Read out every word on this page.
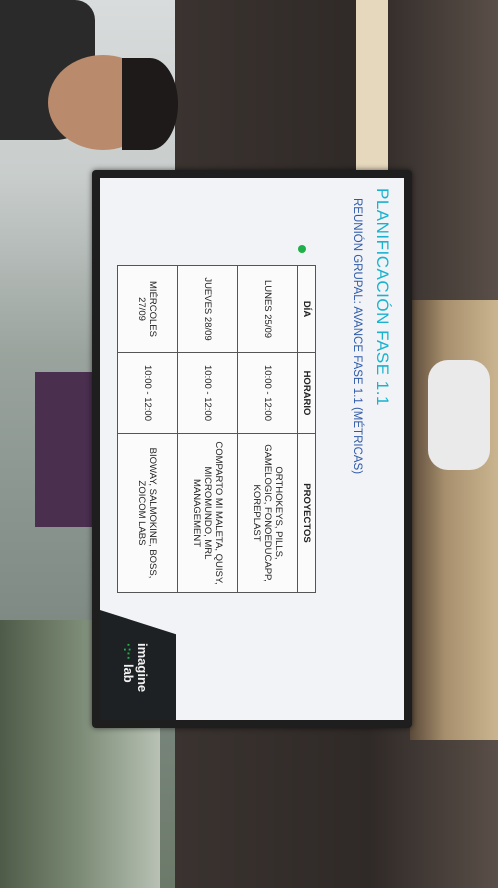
PLANIFICACIÓN FASE 1.1
REUNIÓN GRUPAL: AVANCE FASE 1.1 (MÉTRICAS)
DÍA	HORARIO	PROYECTOS
LUNES 25/09	10:00 - 12:00	ORTHOKEYS, PILLS, GAMELOGIC, FONOEDUCAPP, KOREPLAST
JUEVES 28/09	10:00 - 12:00	COMPARTO MI MALETA, QUISY, MICROMUNDO, MRL MANAGEMENT
MIÉRCOLES 27/09	10:00 - 12:00	BIOWAY, SALMOKINE, BOSS, ZOICOM LABS
imagine
·:·· lab
